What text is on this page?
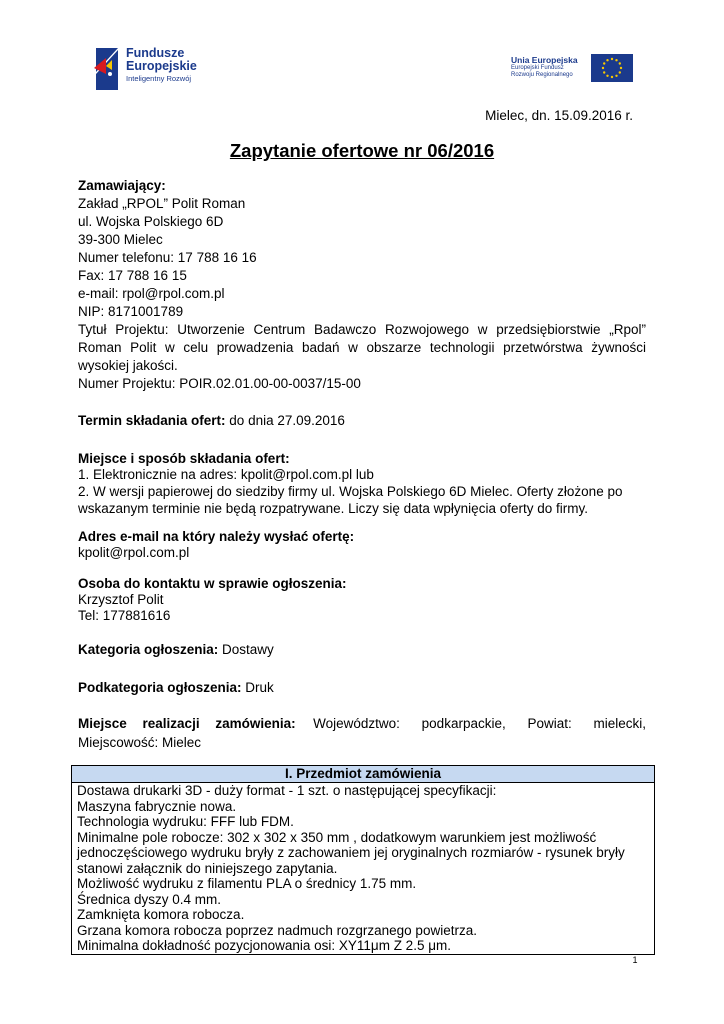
Fundusze
Europejskie
Inteligentny Rozwój
Unia Europejska
Europejski Fundusz
Rozwoju Regionalnego
Mielec, dn. 15.09.2016 r.
Zapytanie ofertowe nr 06/2016
Zamawiający:
Zakład „RPOL” Polit Roman
ul. Wojska Polskiego 6D
39-300 Mielec
Numer telefonu: 17 788 16 16
Fax: 17 788 16 15
e-mail: rpol@rpol.com.pl
NIP: 8171001789
Tytuł Projektu: Utworzenie Centrum Badawczo Rozwojowego w przedsiębiorstwie „Rpol”
Roman Polit w celu prowadzenia badań w obszarze technologii przetwórstwa żywności
wysokiej jakości.
Numer Projektu: POIR.02.01.00-00-0037/15-00
Termin składania ofert: do dnia 27.09.2016
Miejsce i sposób składania ofert:
1. Elektronicznie na adres: kpolit@rpol.com.pl lub
2. W wersji papierowej do siedziby firmy ul. Wojska Polskiego 6D Mielec. Oferty złożone po wskazanym terminie nie będą rozpatrywane. Liczy się data wpłynięcia oferty do firmy.
Adres e-mail na który należy wysłać ofertę:
kpolit@rpol.com.pl
Osoba do kontaktu w sprawie ogłoszenia:
Krzysztof Polit
Tel: 177881616
Kategoria ogłoszenia: Dostawy
Podkategoria ogłoszenia: Druk
Miejsce realizacji zamówienia: Województwo: podkarpackie, Powiat: mielecki,
Miejscowość: Mielec
I. Przedmiot zamówienia
Dostawa drukarki 3D - duży format - 1 szt. o następującej specyfikacji:
Maszyna fabrycznie nowa.
Technologia wydruku: FFF lub FDM.
Minimalne pole robocze: 302 x 302 x 350 mm , dodatkowym warunkiem jest możliwość jednoczęściowego wydruku bryły z zachowaniem jej oryginalnych rozmiarów - rysunek bryły stanowi załącznik do niniejszego zapytania.
Możliwość wydruku z filamentu PLA o średnicy 1.75 mm.
Średnica dyszy 0.4 mm.
Zamknięta komora robocza.
Grzana komora robocza poprzez nadmuch rozgrzanego powietrza.
Minimalna dokładność pozycjonowania osi: XY11μm Z 2.5 μm.
1
